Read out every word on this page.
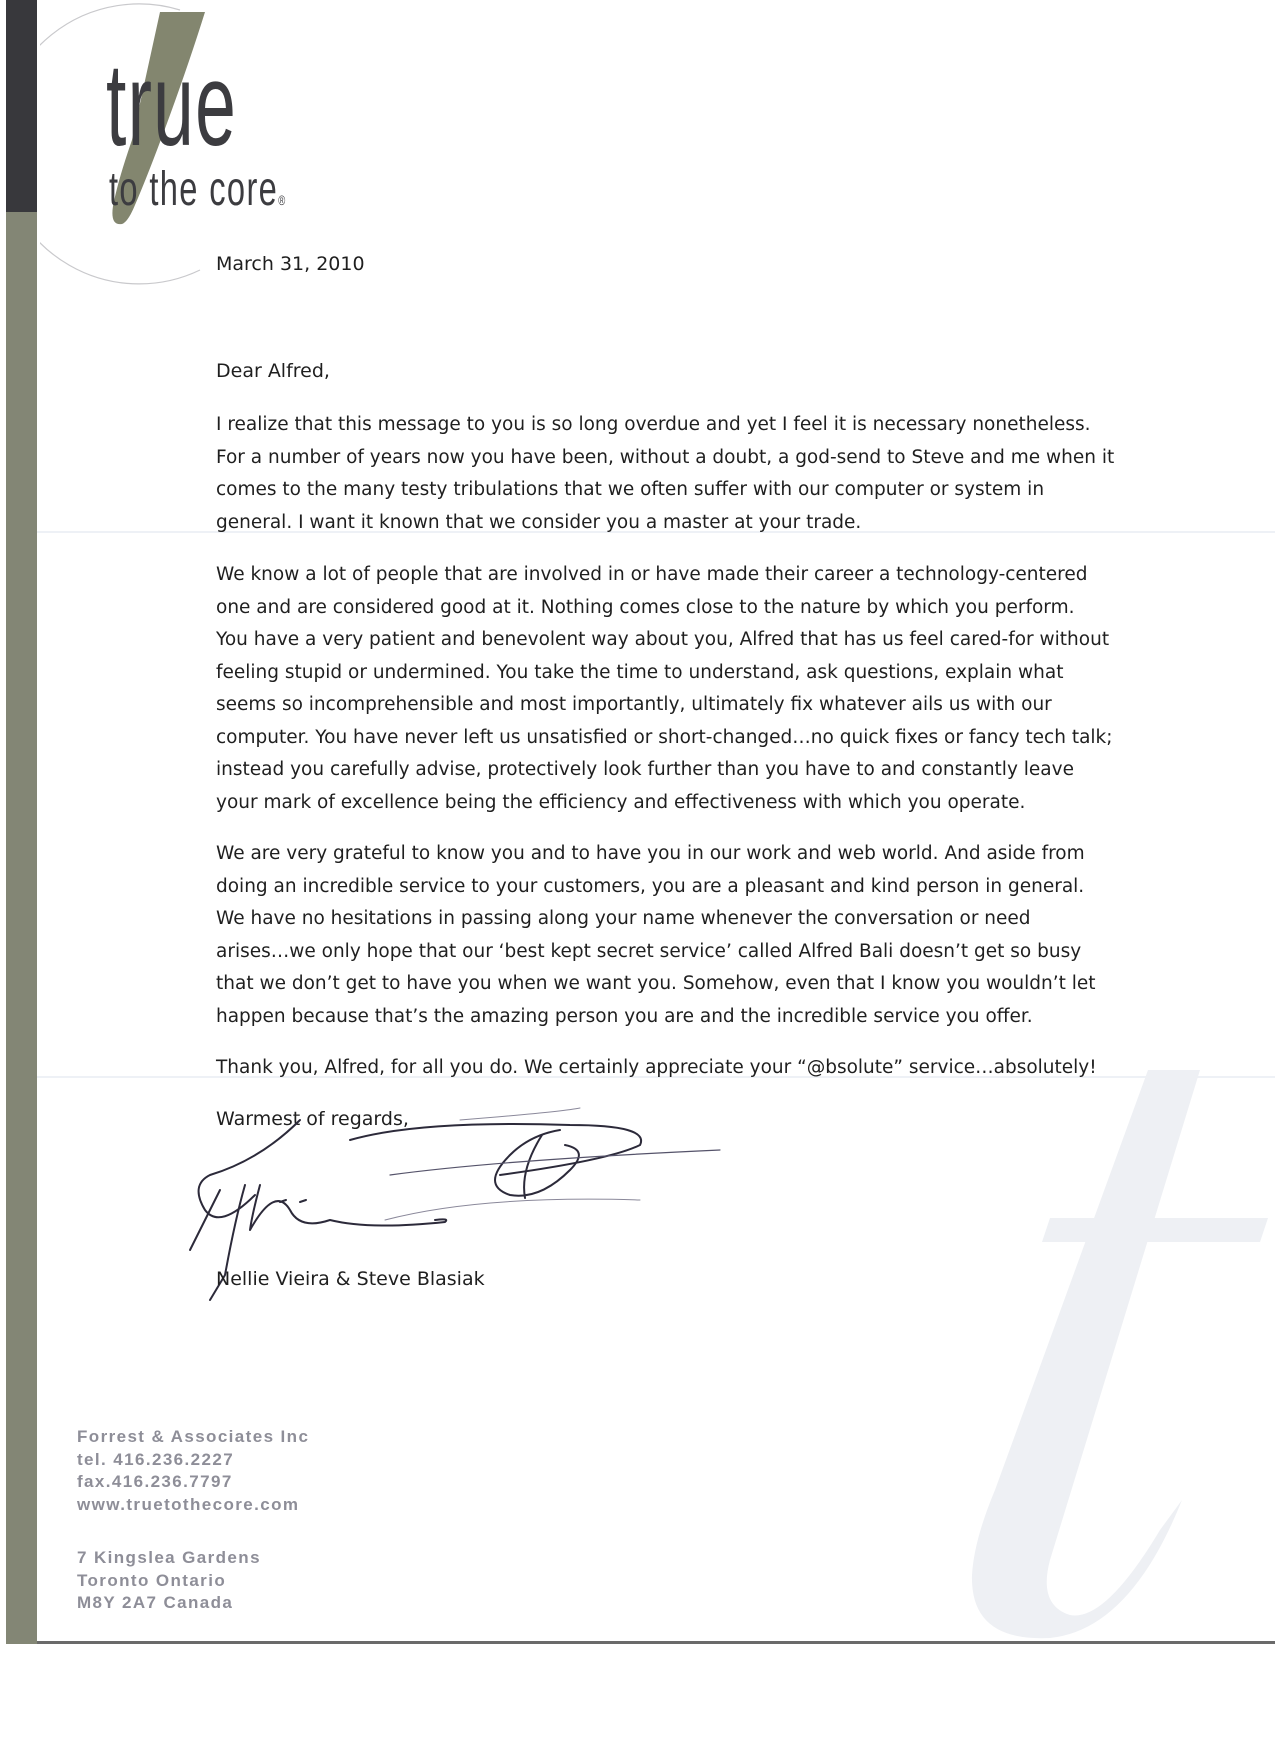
true
to the core®
March 31, 2010
Dear Alfred,

I realize that this message to you is so long overdue and yet I feel it is necessary nonetheless.
For a number of years now you have been, without a doubt, a god-send to Steve and me when it
comes to the many testy tribulations that we often suffer with our computer or system in
general. I want it known that we consider you a master at your trade.

We know a lot of people that are involved in or have made their career a technology-centered
one and are considered good at it. Nothing comes close to the nature by which you perform.
You have a very patient and benevolent way about you, Alfred that has us feel cared-for without
feeling stupid or undermined. You take the time to understand, ask questions, explain what
seems so incomprehensible and most importantly, ultimately fix whatever ails us with our
computer. You have never left us unsatisfied or short-changed…no quick fixes or fancy tech talk;
instead you carefully advise, protectively look further than you have to and constantly leave
your mark of excellence being the efficiency and effectiveness with which you operate.

We are very grateful to know you and to have you in our work and web world. And aside from
doing an incredible service to your customers, you are a pleasant and kind person in general.
We have no hesitations in passing along your name whenever the conversation or need
arises…we only hope that our ‘best kept secret service’ called Alfred Bali doesn’t get so busy
that we don’t get to have you when we want you. Somehow, even that I know you wouldn’t let
happen because that’s the amazing person you are and the incredible service you offer.

Thank you, Alfred, for all you do. We certainly appreciate your “@bsolute” service…absolutely!

Warmest of regards,
Nellie Vieira & Steve Blasiak
Forrest & Associates Inc
tel. 416.236.2227
fax.416.236.7797
www.truetothecore.com
7 Kingslea Gardens
Toronto Ontario
M8Y 2A7 Canada
